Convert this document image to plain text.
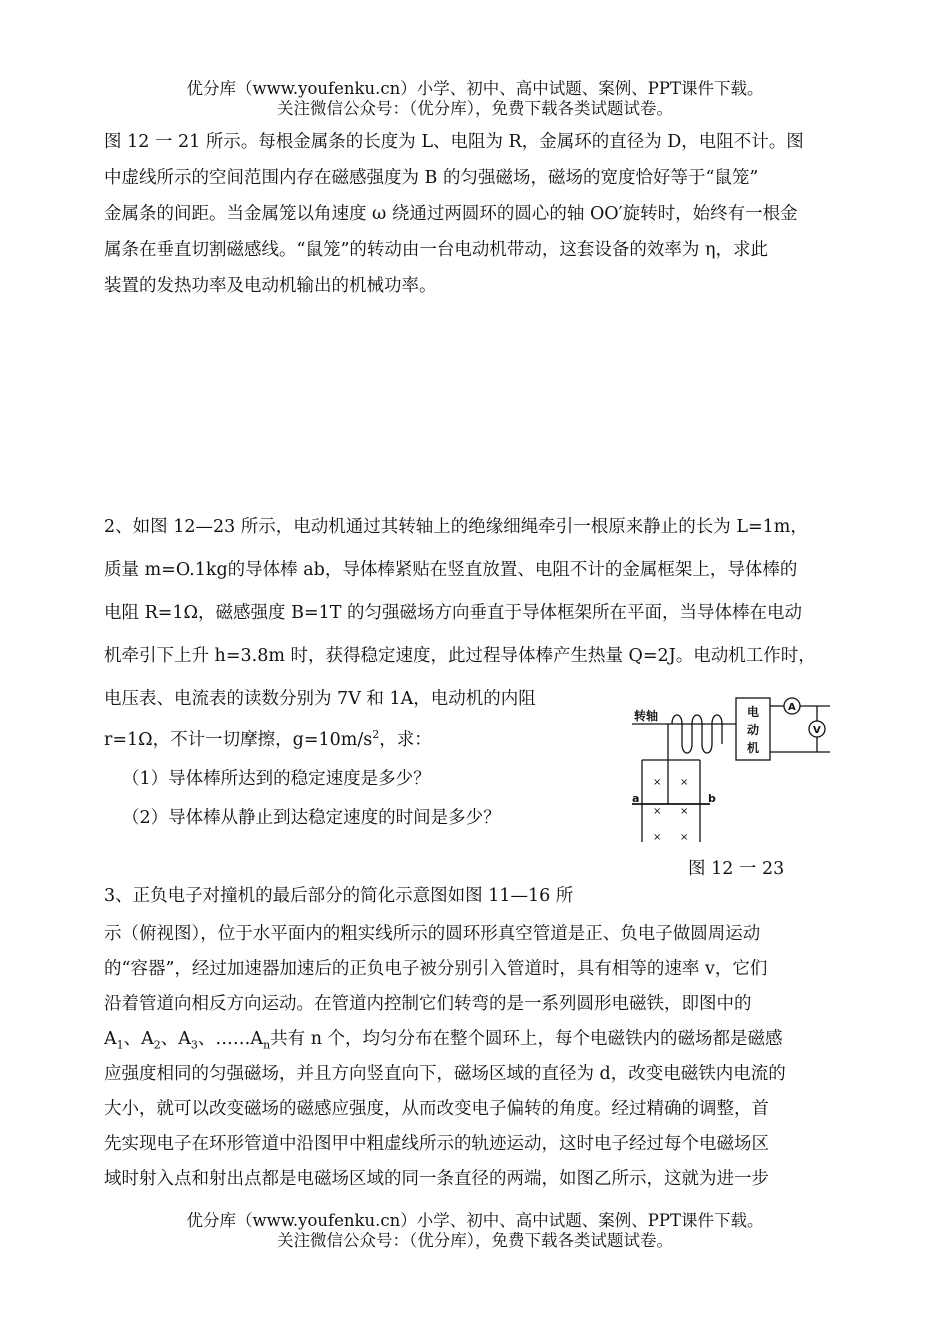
优分库（www.youfenku.cn）小学、初中、高中试题、案例、PPT课件下载。
关注微信公众号：（优分库），免费下载各类试题试卷。
图 12 一 21 所示。每根金属条的长度为 L、电阻为 R，金属环的直径为 D，电阻不计。图
中虚线所示的空间范围内存在磁感强度为 B 的匀强磁场，磁场的宽度恰好等于“鼠笼”
金属条的间距。当金属笼以角速度 ω 绕通过两圆环的圆心的轴 OO′旋转时，始终有一根金
属条在垂直切割磁感线。“鼠笼”的转动由一台电动机带动，这套设备的效率为 η，求此
装置的发热功率及电动机输出的机械功率。
2、如图 12—23 所示，电动机通过其转轴上的绝缘细绳牵引一根原来静止的长为 L=1m，
质量 m=O.1kg的导体棒 ab，导体棒紧贴在竖直放置、电阻不计的金属框架上，导体棒的
电阻 R=1Ω，磁感强度 B=1T 的匀强磁场方向垂直于导体框架所在平面，当导体棒在电动
机牵引下上升 h=3.8m 时，获得稳定速度，此过程导体棒产生热量 Q=2J。电动机工作时，
电压表、电流表的读数分别为 7V 和 1A，电动机的内阻
r=1Ω，不计一切摩擦，$g=10m/s^2$，求：
（1）导体棒所达到的稳定速度是多少？
（2）导体棒从静止到达稳定速度的时间是多少？
转轴	电
动
机
A
V
a	b
× ×
× ×
× ×
图 12 一 23
3、正负电子对撞机的最后部分的简化示意图如图 11—16 所
示（俯视图），位于水平面内的粗实线所示的圆环形真空管道是正、负电子做圆周运动
的“容器”，经过加速器加速后的正负电子被分别引入管道时，具有相等的速率 v，它们
沿着管道向相反方向运动。在管道内控制它们转弯的是一系列圆形电磁铁，即图中的
$A_1$、$A_2$、$A_3$、$\dots\dots A_n$共有 n 个，均匀分布在整个圆环上，每个电磁铁内的磁场都是磁感
应强度相同的匀强磁场，并且方向竖直向下，磁场区域的直径为 d，改变电磁铁内电流的
大小，就可以改变磁场的磁感应强度，从而改变电子偏转的角度。经过精确的调整，首
先实现电子在环形管道中沿图甲中粗虚线所示的轨迹运动，这时电子经过每个电磁场区
域时射入点和射出点都是电磁场区域的同一条直径的两端，如图乙所示，这就为进一步
优分库（www.youfenku.cn）小学、初中、高中试题、案例、PPT课件下载。
关注微信公众号：（优分库），免费下载各类试题试卷。
